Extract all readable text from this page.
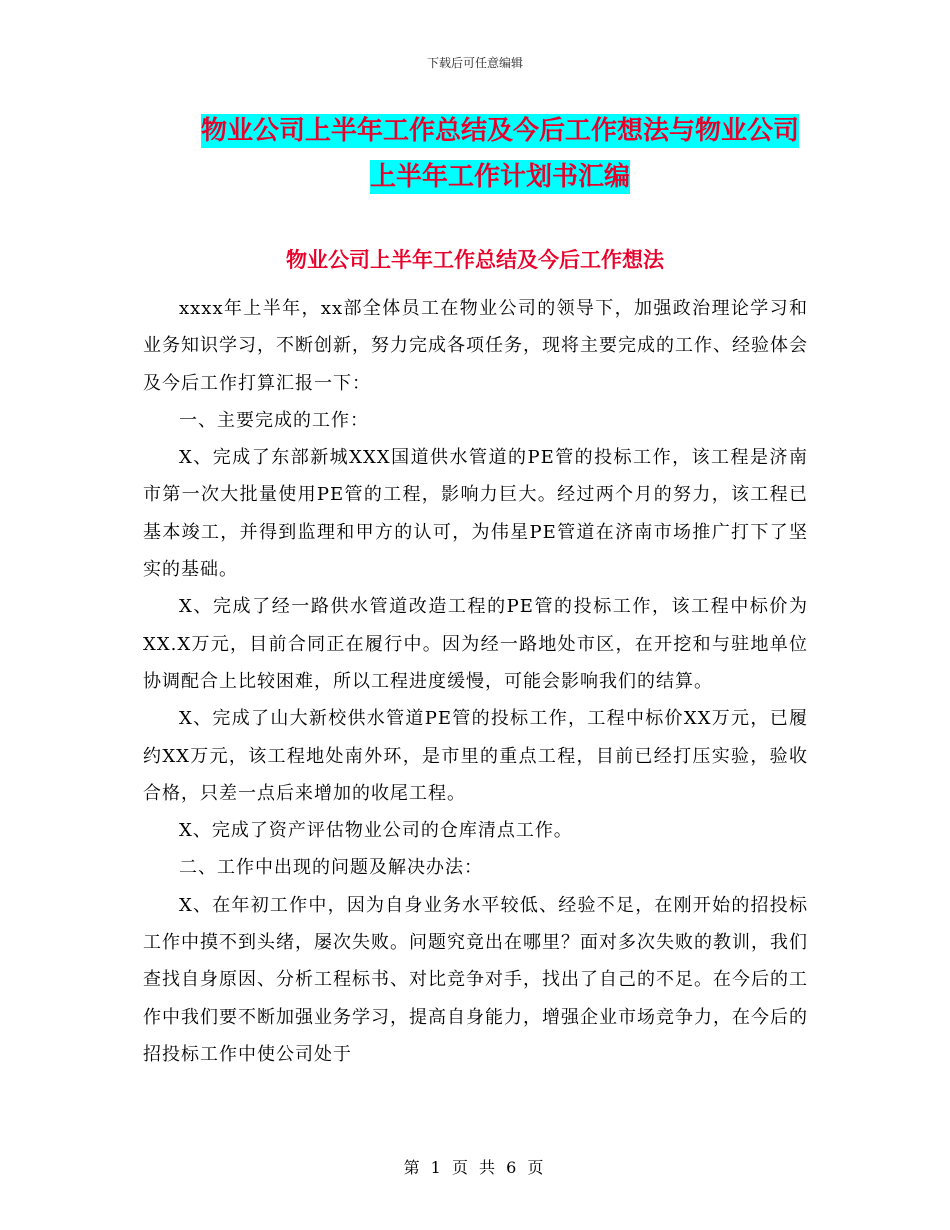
下载后可任意编辑
物业公司上半年工作总结及今后工作想法与物业公司
上半年工作计划书汇编
物业公司上半年工作总结及今后工作想法

xxxx年上半年，xx部全体员工在物业公司的领导下，加强政治理论学习和业务知识学习，不断创新，努力完成各项任务，现将主要完成的工作、经验体会及今后工作打算汇报一下：

一、主要完成的工作：

X、完成了东部新城XXX国道供水管道的PE管的投标工作，该工程是济南市第一次大批量使用PE管的工程，影响力巨大。经过两个月的努力，该工程已基本竣工，并得到监理和甲方的认可，为伟星PE管道在济南市场推广打下了坚实的基础。

X、完成了经一路供水管道改造工程的PE管的投标工作，该工程中标价为XX.X万元，目前合同正在履行中。因为经一路地处市区，在开挖和与驻地单位协调配合上比较困难，所以工程进度缓慢，可能会影响我们的结算。

X、完成了山大新校供水管道PE管的投标工作，工程中标价XX万元，已履约XX万元，该工程地处南外环，是市里的重点工程，目前已经打压实验，验收合格，只差一点后来增加的收尾工程。

X、完成了资产评估物业公司的仓库清点工作。

二、工作中出现的问题及解决办法：

X、在年初工作中，因为自身业务水平较低、经验不足，在刚开始的招投标工作中摸不到头绪，屡次失败。问题究竟出在哪里？面对多次失败的教训，我们查找自身原因、分析工程标书、对比竞争对手，找出了自己的不足。在今后的工作中我们要不断加强业务学习，提高自身能力，增强企业市场竞争力，在今后的招投标工作中使公司处于

第 1 页 共 6 页
